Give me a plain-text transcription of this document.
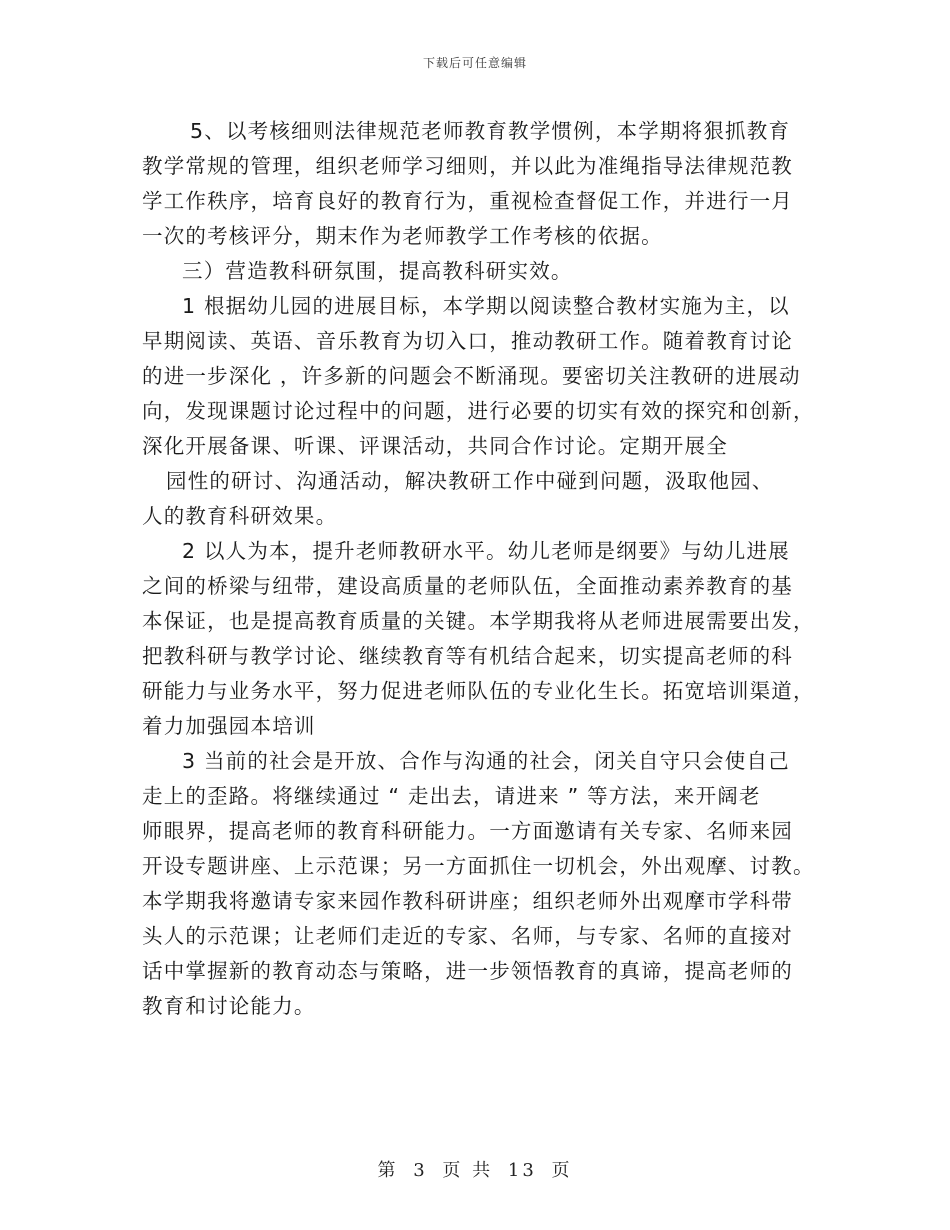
下载后可任意编辑
5、以考核细则法律规范老师教育教学惯例，本学期将狠抓教育
教学常规的管理，组织老师学习细则，并以此为准绳指导法律规范教
学工作秩序，培育良好的教育行为，重视检查督促工作，并进行一月
一次的考核评分，期末作为老师教学工作考核的依据。
三）营造教科研氛围，提高教科研实效。
1 根据幼儿园的进展目标，本学期以阅读整合教材实施为主，以
早期阅读、英语、音乐教育为切入口，推动教研工作。随着教育讨论
的进一步深化 ，许多新的问题会不断涌现。要密切关注教研的进展动
向，发现课题讨论过程中的问题，进行必要的切实有效的探究和创新，
深化开展备课、听课、评课活动，共同合作讨论。定期开展全
园性的研讨、沟通活动，解决教研工作中碰到问题，汲取他园、
人的教育科研效果。
2 以人为本，提升老师教研水平。幼儿老师是纲要》与幼儿进展
之间的桥梁与纽带，建设高质量的老师队伍，全面推动素养教育的基
本保证，也是提高教育质量的关键。本学期我将从老师进展需要出发，
把教科研与教学讨论、继续教育等有机结合起来，切实提高老师的科
研能力与业务水平，努力促进老师队伍的专业化生长。拓宽培训渠道，
着力加强园本培训
3 当前的社会是开放、合作与沟通的社会，闭关自守只会使自己
走上的歪路。将继续通过 “ 走出去，请进来 ” 等方法，来开阔老
师眼界，提高老师的教育科研能力。一方面邀请有关专家、名师来园
开设专题讲座、上示范课；另一方面抓住一切机会，外出观摩、讨教。
本学期我将邀请专家来园作教科研讲座；组织老师外出观摩市学科带
头人的示范课；让老师们走近的专家、名师，与专家、名师的直接对
话中掌握新的教育动态与策略，进一步领悟教育的真谛，提高老师的
教育和讨论能力。
第 3 页 共 13 页
